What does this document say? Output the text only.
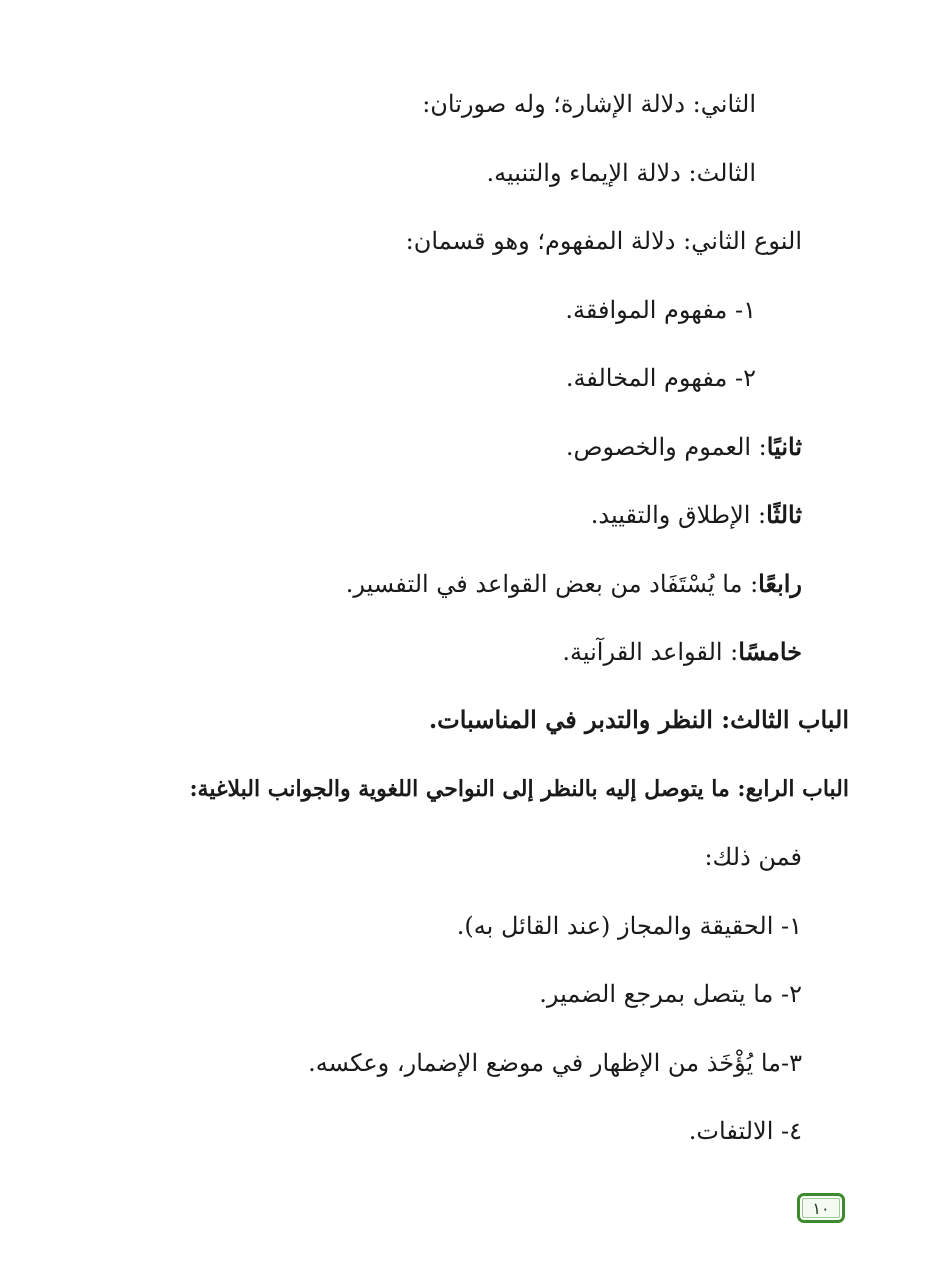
الثاني: دلالة الإشارة؛ وله صورتان:
الثالث: دلالة الإيماء والتنبيه.
النوع الثاني: دلالة المفهوم؛ وهو قسمان:
١- مفهوم الموافقة.
٢- مفهوم المخالفة.
ثانيًا: العموم والخصوص.
ثالثًا: الإطلاق والتقييد.
رابعًا: ما يُسْتَفَاد من بعض القواعد في التفسير.
خامسًا: القواعد القرآنية.
الباب الثالث: النظر والتدبر في المناسبات.
الباب الرابع: ما يتوصل إليه بالنظر إلى النواحي اللغوية والجوانب البلاغية:
فمن ذلك:
١- الحقيقة والمجاز (عند القائل به).
٢- ما يتصل بمرجع الضمير.
٣-ما يُؤْخَذ من الإظهار في موضع الإضمار، وعكسه.
٤- الالتفات.
١٠
